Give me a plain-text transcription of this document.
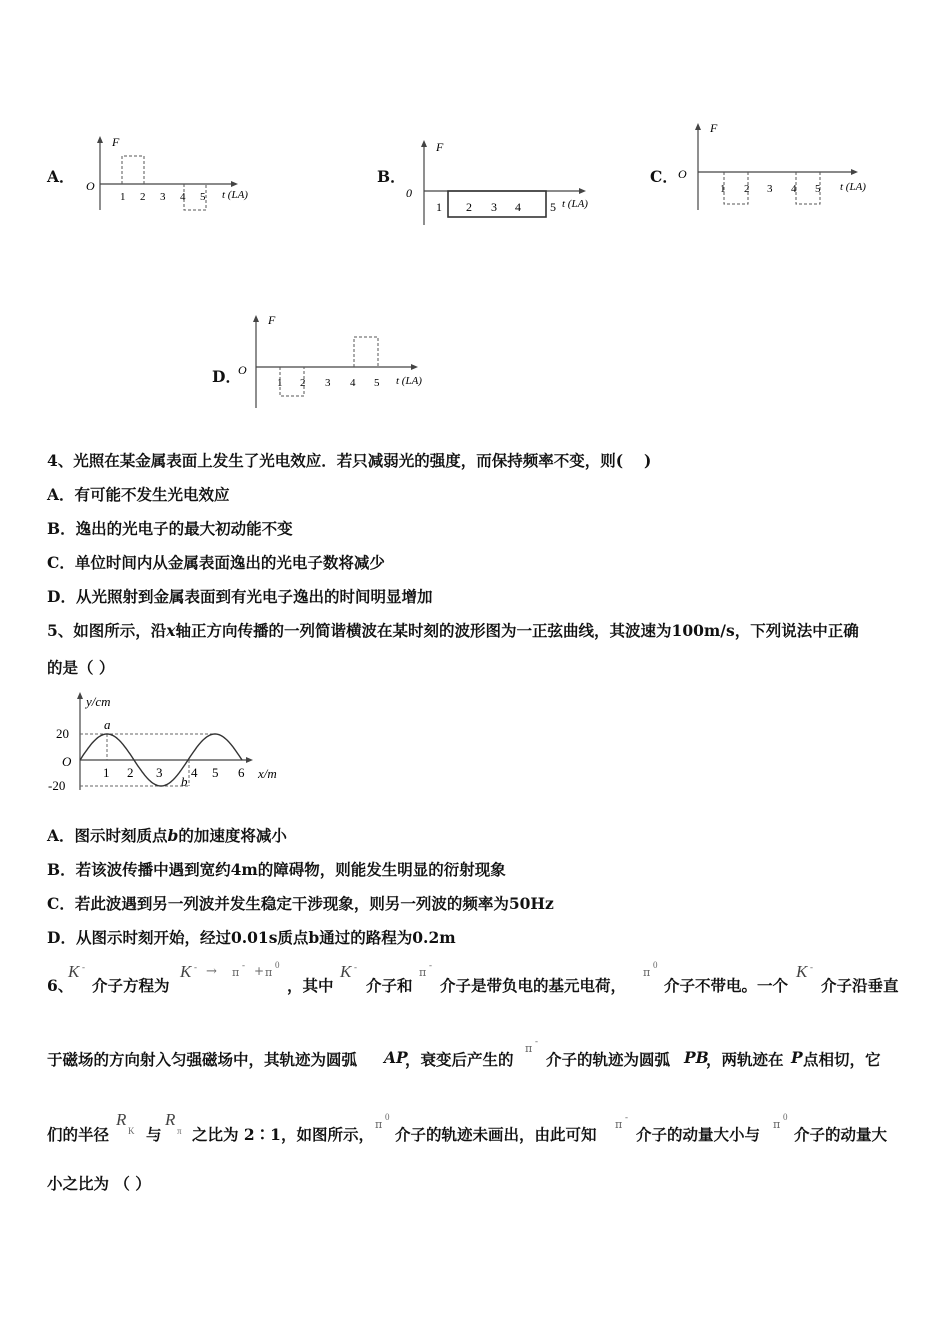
A．
F
O
1 2 3 4 5 t (LA)
B．
F
0
1 2 3 4 5 t (LA)
C．
F
O
1 2 3 4 5 t (LA)
D．
F
O
1 2 3 4 5 t (LA)
4、光照在某金属表面上发生了光电效应．若只减弱光的强度，而保持频率不变，则(　 )
A．有可能不发生光电效应
B．逸出的光电子的最大初动能不变
C．单位时间内从金属表面逸出的光电子数将减少
D．从光照射到金属表面到有光电子逸出的时间明显增加
5、如图所示，沿x轴正方向传播的一列简谐横波在某时刻的波形图为一正弦曲线，其波速为100m/s，下列说法中正确
的是（ ）
y/cm
x/m
20
-20
O
a
b
1 2 3 4 5 6
A．图示时刻质点b的加速度将减小
B．若该波传播中遇到宽约4m的障碍物，则能发生明显的衍射现象
C．若此波遇到另一列波并发生稳定干涉现象，则另一列波的频率为50Hz
D．从图示时刻开始，经过0.01s质点b通过的路程为0.2m
6、
K -
介子方程为
K - → π
- + π
0
，其中
K -
介子和
π
-
介子是带负电的基元电荷，
π
0
介子不带电。一个
K -
介子沿垂直
于磁场的方向射入匀强磁场中，其轨迹为圆弧 AP
，衰变后产生的
π
-
介子的轨迹为圆弧 PB
，两轨迹在 P 点相切，它
们的半径
R
K 与
R
π 之比为 2∶1，如图所示，
π
0
介子的轨迹未画出，由此可知
π
-
介子的动量大小与
π
0
介子的动量大
小之比为 （ ）
